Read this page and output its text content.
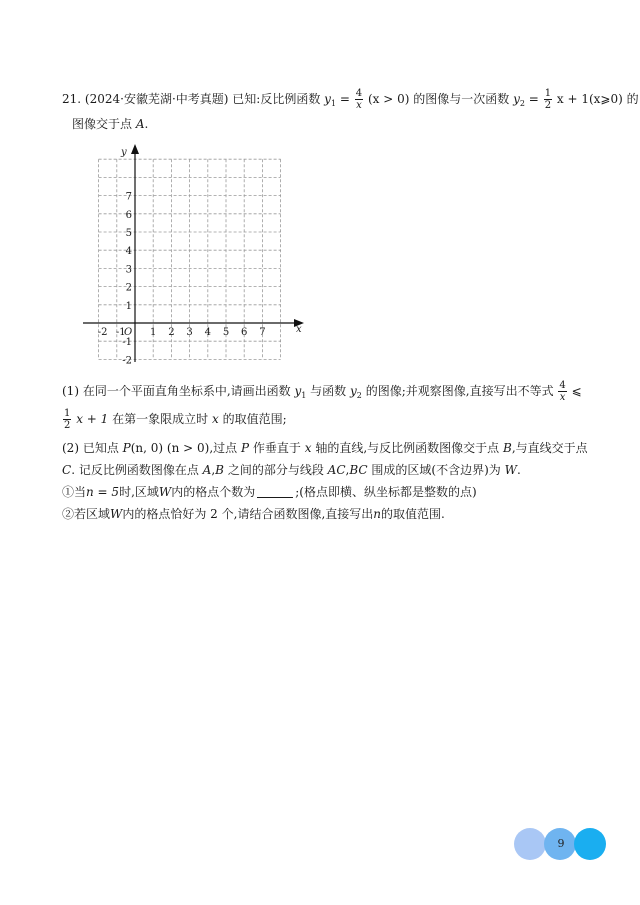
21. (2024·安徽芜湖·中考真题) 已知:反比例函数 $y_1 = \frac{4}{x} (x > 0)$ 的图像与一次函数 $y_2 = \frac{1}{2}$ x + 1(x⩾0) 的
图像交于点 A.
-2 -1 1 2 3 4 5 6 7
7
6
5
4
3
2
1
-1
-2
x
y
O
(1) 在同一个平面直角坐标系中,请画出函数 $y_1$ 与函数 $y_2$ 的图像;并观察图像,直接写出不等式 $\frac{4}{x}$ ⩽
$\frac{1}{2}$ x + 1 在第一象限成立时 x 的取值范围;
(2) 已知点 P(n, 0) (n > 0),过点 P 作垂直于 x 轴的直线,与反比例函数图像交于点 B,与直线交于点
C. 记反比例函数图像在点 A,B 之间的部分与线段 AC,BC 围成的区域(不含边界)为 W.
①当n = 5时,区域W内的格点个数为	;(格点即横、纵坐标都是整数的点)
②若区域W内的格点恰好为 2 个,请结合函数图像,直接写出n的取值范围.
9
